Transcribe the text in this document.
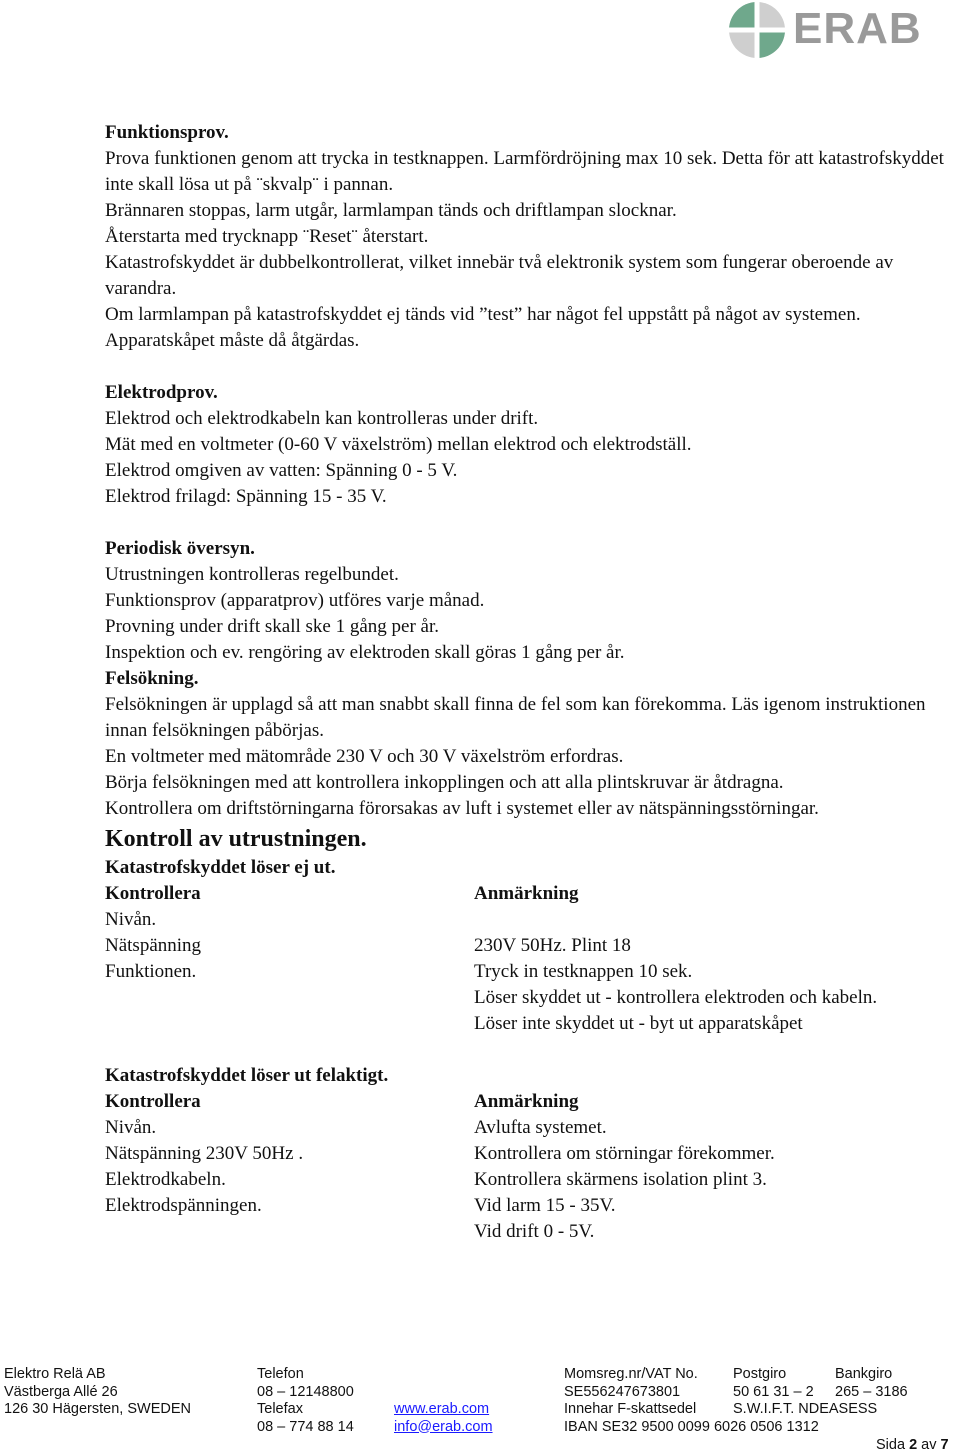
ERAB

Funktionsprov.

Prova funktionen genom att trycka in testknappen. Larmfördröjning max 10 sek. Detta för att katastrofskyddet inte skall lösa ut på ¨skvalp¨ i pannan.

Brännaren stoppas, larm utgår, larmlampan tänds och driftlampan slocknar.

Återstarta med trycknapp ¨Reset¨ återstart.

Katastrofskyddet är dubbelkontrollerat, vilket innebär två elektronik system som fungerar oberoende av varandra.

Om larmlampan på katastrofskyddet ej tänds vid ”test” har något fel uppstått på något av systemen.

Apparatskåpet måste då åtgärdas.

Elektrodprov.

Elektrod och elektrodkabeln kan kontrolleras under drift.

Mät med en voltmeter (0-60 V växelström) mellan elektrod och elektrodställ.

Elektrod omgiven av vatten: Spänning 0 - 5 V.

Elektrod frilagd: Spänning 15 - 35 V.

Periodisk översyn.

Utrustningen kontrolleras regelbundet.

Funktionsprov (apparatprov) utföres varje månad.

Provning under drift skall ske 1 gång per år.

Inspektion och ev. rengöring av elektroden skall göras 1 gång per år.

Felsökning.

Felsökningen är upplagd så att man snabbt skall finna de fel som kan förekomma. Läs igenom instruktionen innan felsökningen påbörjas.

En voltmeter med mätområde 230 V och 30 V växelström erfordras.

Börja felsökningen med att kontrollera inkopplingen och att alla plintskruvar är åtdragna.

Kontrollera om driftstörningarna förorsakas av luft i systemet eller av nätspänningsstörningar.

Kontroll av utrustningen.

Katastrofskyddet löser ej ut.

Kontrollera	Anmärkning
Nivån.
Nätspänning	230V 50Hz. Plint 18
Funktionen.	Tryck in testknappen 10 sek.
Löser skyddet ut - kontrollera elektroden och kabeln.
Löser inte skyddet ut - byt ut apparatskåpet

Katastrofskyddet löser ut felaktigt.

Kontrollera	Anmärkning
Nivån.	Avlufta systemet.
Nätspänning 230V 50Hz .	Kontrollera om störningar förekommer.
Elektrodkabeln.	Kontrollera skärmens isolation plint 3.
Elektrodspänningen.	Vid larm 15 - 35V.
Vid drift 0 - 5V.
Elektro Relä AB
Västberga Allé 26
126 30 Hägersten, SWEDEN
Telefon
08 – 12148800
Telefax
08 – 774 88 14
www.erab.com
info@erab.com
Momsreg.nr/VAT No.
SE556247673801
Innehar F-skattsedel
IBAN SE32 9500 0099 6026 0506 1312
Postgiro
50 61 31 – 2
S.W.I.F.T. NDEASESS
Bankgiro
265 – 3186
Sida 2 av 7
